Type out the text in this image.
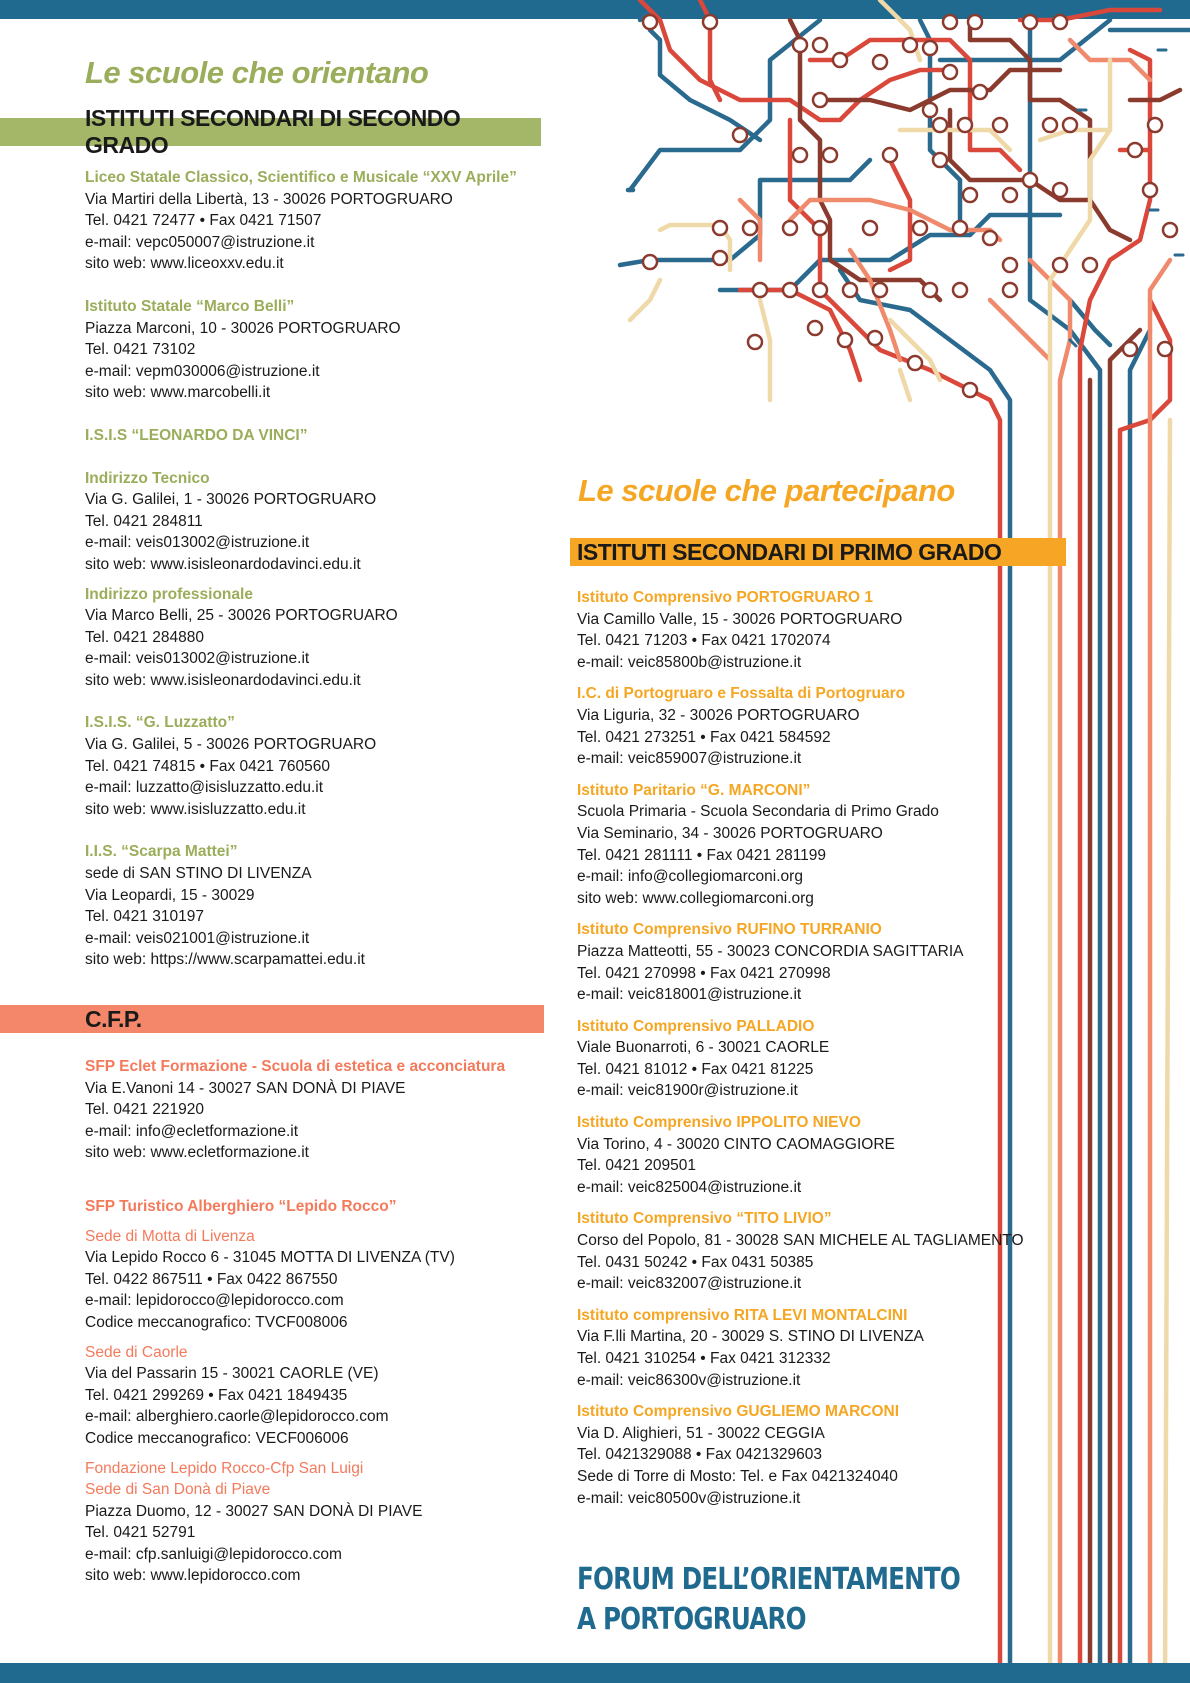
Le scuole che orientano
ISTITUTI SECONDARI DI SECONDO GRADO

Liceo Statale Classico, Scientifico e Musicale “XXV Aprile”

Via Martiri della Libertà, 13 - 30026 PORTOGRUARO

Tel. 0421 72477 • Fax 0421 71507

e-mail: vepc050007@istruzione.it

sito web: www.liceoxxv.edu.it

Istituto Statale “Marco Belli”

Piazza Marconi, 10 - 30026 PORTOGRUARO

Tel. 0421 73102

e-mail: vepm030006@istruzione.it

sito web: www.marcobelli.it

I.S.I.S “LEONARDO DA VINCI”

Indirizzo Tecnico

Via G. Galilei, 1 - 30026 PORTOGRUARO

Tel. 0421 284811

e-mail: veis013002@istruzione.it

sito web: www.isisleonardodavinci.edu.it

Indirizzo professionale

Via Marco Belli, 25 - 30026 PORTOGRUARO

Tel. 0421 284880

e-mail: veis013002@istruzione.it

sito web: www.isisleonardodavinci.edu.it

I.S.I.S. “G. Luzzatto”

Via G. Galilei, 5 - 30026 PORTOGRUARO

Tel. 0421 74815 • Fax 0421 760560

e-mail: luzzatto@isisluzzatto.edu.it

sito web: www.isisluzzatto.edu.it

I.I.S. “Scarpa Mattei”

sede di SAN STINO DI LIVENZA

Via Leopardi, 15 - 30029

Tel. 0421 310197

e-mail: veis021001@istruzione.it

sito web: https://www.scarpamattei.edu.it

C.F.P.

SFP Eclet Formazione - Scuola di estetica e acconciatura

Via E.Vanoni 14 - 30027 SAN DONÀ DI PIAVE

Tel. 0421 221920

e-mail: info@ecletformazione.it

sito web: www.ecletformazione.it

SFP Turistico Alberghiero “Lepido Rocco”

Sede di Motta di Livenza

Via Lepido Rocco 6 - 31045 MOTTA DI LIVENZA (TV)

Tel. 0422 867511 • Fax 0422 867550

e-mail: lepidorocco@lepidorocco.com

Codice meccanografico: TVCF008006

Sede di Caorle

Via del Passarin 15 - 30021 CAORLE (VE)

Tel. 0421 299269 • Fax 0421 1849435

e-mail: alberghiero.caorle@lepidorocco.com

Codice meccanografico: VECF006006

Fondazione Lepido Rocco-Cfp San Luigi

Sede di San Donà di Piave

Piazza Duomo, 12 - 30027 SAN DONÀ DI PIAVE

Tel. 0421 52791

e-mail: cfp.sanluigi@lepidorocco.com

sito web: www.lepidorocco.com

Le scuole che partecipano
ISTITUTI SECONDARI DI PRIMO GRADO

Istituto Comprensivo PORTOGRUARO 1

Via Camillo Valle, 15 - 30026 PORTOGRUARO

Tel. 0421 71203 • Fax 0421 1702074

e-mail: veic85800b@istruzione.it

I.C. di Portogruaro e Fossalta di Portogruaro

Via Liguria, 32 - 30026 PORTOGRUARO

Tel. 0421 273251 • Fax 0421 584592

e-mail: veic859007@istruzione.it

Istituto Paritario “G. MARCONI”

Scuola Primaria - Scuola Secondaria di Primo Grado

Via Seminario, 34 - 30026 PORTOGRUARO

Tel. 0421 281111 • Fax 0421 281199

e-mail: info@collegiomarconi.org

sito web: www.collegiomarconi.org

Istituto Comprensivo RUFINO TURRANIO

Piazza Matteotti, 55 - 30023 CONCORDIA SAGITTARIA

Tel. 0421 270998 • Fax 0421 270998

e-mail: veic818001@istruzione.it

Istituto Comprensivo PALLADIO

Viale Buonarroti, 6 - 30021 CAORLE

Tel. 0421 81012 • Fax 0421 81225

e-mail: veic81900r@istruzione.it

Istituto Comprensivo IPPOLITO NIEVO

Via Torino, 4 - 30020 CINTO CAOMAGGIORE

Tel. 0421 209501

e-mail: veic825004@istruzione.it

Istituto Comprensivo “TITO LIVIO”

Corso del Popolo, 81 - 30028 SAN MICHELE AL TAGLIAMENTO

Tel. 0431 50242 • Fax 0431 50385

e-mail: veic832007@istruzione.it

Istituto comprensivo RITA LEVI MONTALCINI

Via F.lli Martina, 20 - 30029 S. STINO DI LIVENZA

Tel. 0421 310254 • Fax 0421 312332

e-mail: veic86300v@istruzione.it

Istituto Comprensivo GUGLIEMO MARCONI

Via D. Alighieri, 51 - 30022 CEGGIA

Tel. 0421329088 • Fax 0421329603

Sede di Torre di Mosto: Tel. e Fax 0421324040

e-mail: veic80500v@istruzione.it

FORUM DELL’ORIENTAMENTO

A PORTOGRUARO
